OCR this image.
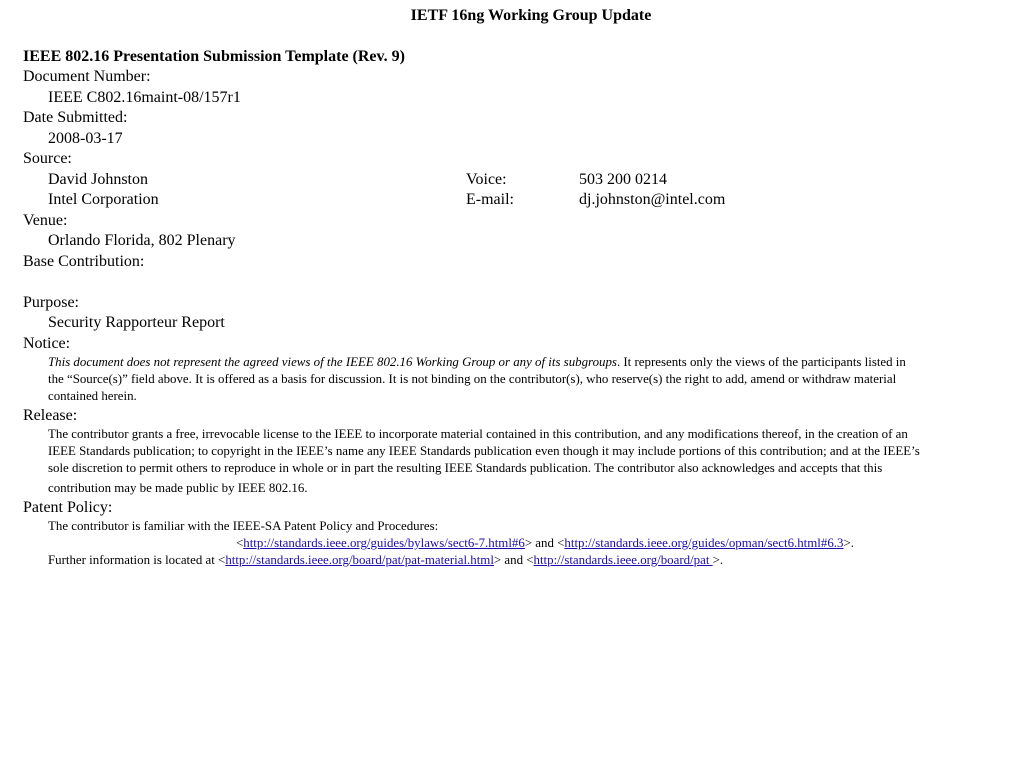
IETF 16ng Working Group Update
IEEE 802.16 Presentation Submission Template (Rev. 9)
Document Number:
IEEE C802.16maint-08/157r1
Date Submitted:
2008-03-17
Source:
David Johnston	Voice:	503 200 0214
Intel Corporation	E-mail:	dj.johnston@intel.com
Venue:
Orlando Florida, 802 Plenary
Base Contribution:
Purpose:
Security Rapporteur Report
Notice:
This document does not represent the agreed views of the IEEE 802.16 Working Group or any of its subgroups. It represents only the views of the participants listed in
the “Source(s)” field above. It is offered as a basis for discussion. It is not binding on the contributor(s), who reserve(s) the right to add, amend or withdraw material
contained herein.
Release:
The contributor grants a free, irrevocable license to the IEEE to incorporate material contained in this contribution, and any modifications thereof, in the creation of an
IEEE Standards publication; to copyright in the IEEE’s name any IEEE Standards publication even though it may include portions of this contribution; and at the IEEE’s
sole discretion to permit others to reproduce in whole or in part the resulting IEEE Standards publication. The contributor also acknowledges and accepts that this
contribution may be made public by IEEE 802.16.
Patent Policy:
The contributor is familiar with the IEEE-SA Patent Policy and Procedures:
<http://standards.ieee.org/guides/bylaws/sect6-7.html#6> and <http://standards.ieee.org/guides/opman/sect6.html#6.3>.
Further information is located at <http://standards.ieee.org/board/pat/pat-material.html> and <http://standards.ieee.org/board/pat >.
